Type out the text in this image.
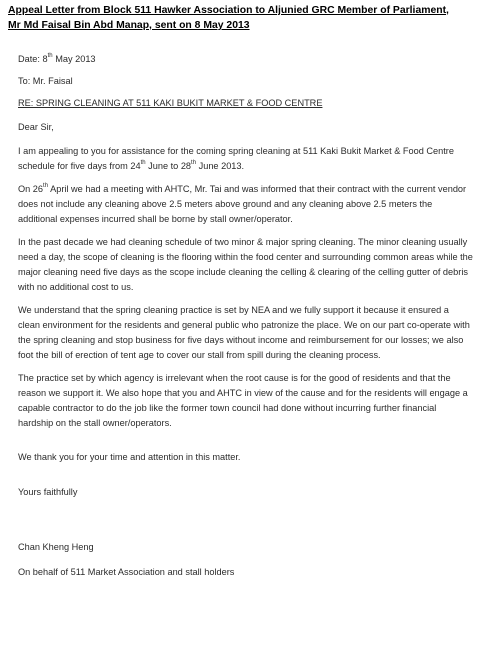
Appeal Letter from Block 511 Hawker Association to Aljunied GRC Member of Parliament,
Mr Md Faisal Bin Abd Manap, sent on 8 May 2013
Date: 8th May 2013
To: Mr. Faisal
RE: SPRING CLEANING AT 511 KAKI BUKIT MARKET & FOOD CENTRE
Dear Sir,
I am appealing to you for assistance for the coming spring cleaning at 511 Kaki Bukit Market & Food Centre schedule for five days from 24th June to 28th June 2013.
On 26th April we had a meeting with AHTC, Mr. Tai and was informed that their contract with the current vendor does not include any cleaning above 2.5 meters above ground and any cleaning above 2.5 meters the additional expenses incurred shall be borne by stall owner/operator.
In the past decade we had cleaning schedule of two minor & major spring cleaning. The minor cleaning usually need a day, the scope of cleaning is the flooring within the food center and surrounding common areas while the major cleaning need five days as the scope include cleaning the celling & clearing of the celling gutter of debris with no additional cost to us.
We understand that the spring cleaning practice is set by NEA and we fully support it because it ensured a clean environment for the residents and general public who patronize the place. We on our part co-operate with the spring cleaning and stop business for five days without income and reimbursement for our losses; we also foot the bill of erection of tent age to cover our stall from spill during the cleaning process.
The practice set by which agency is irrelevant when the root cause is for the good of residents and that the reason we support it. We also hope that you and AHTC in view of the cause and for the residents will engage a capable contractor to do the job like the former town council had done without incurring further financial hardship on the stall owner/operators.
We thank you for your time and attention in this matter.
Yours faithfully
Chan Kheng Heng
On behalf of 511 Market Association and stall holders
